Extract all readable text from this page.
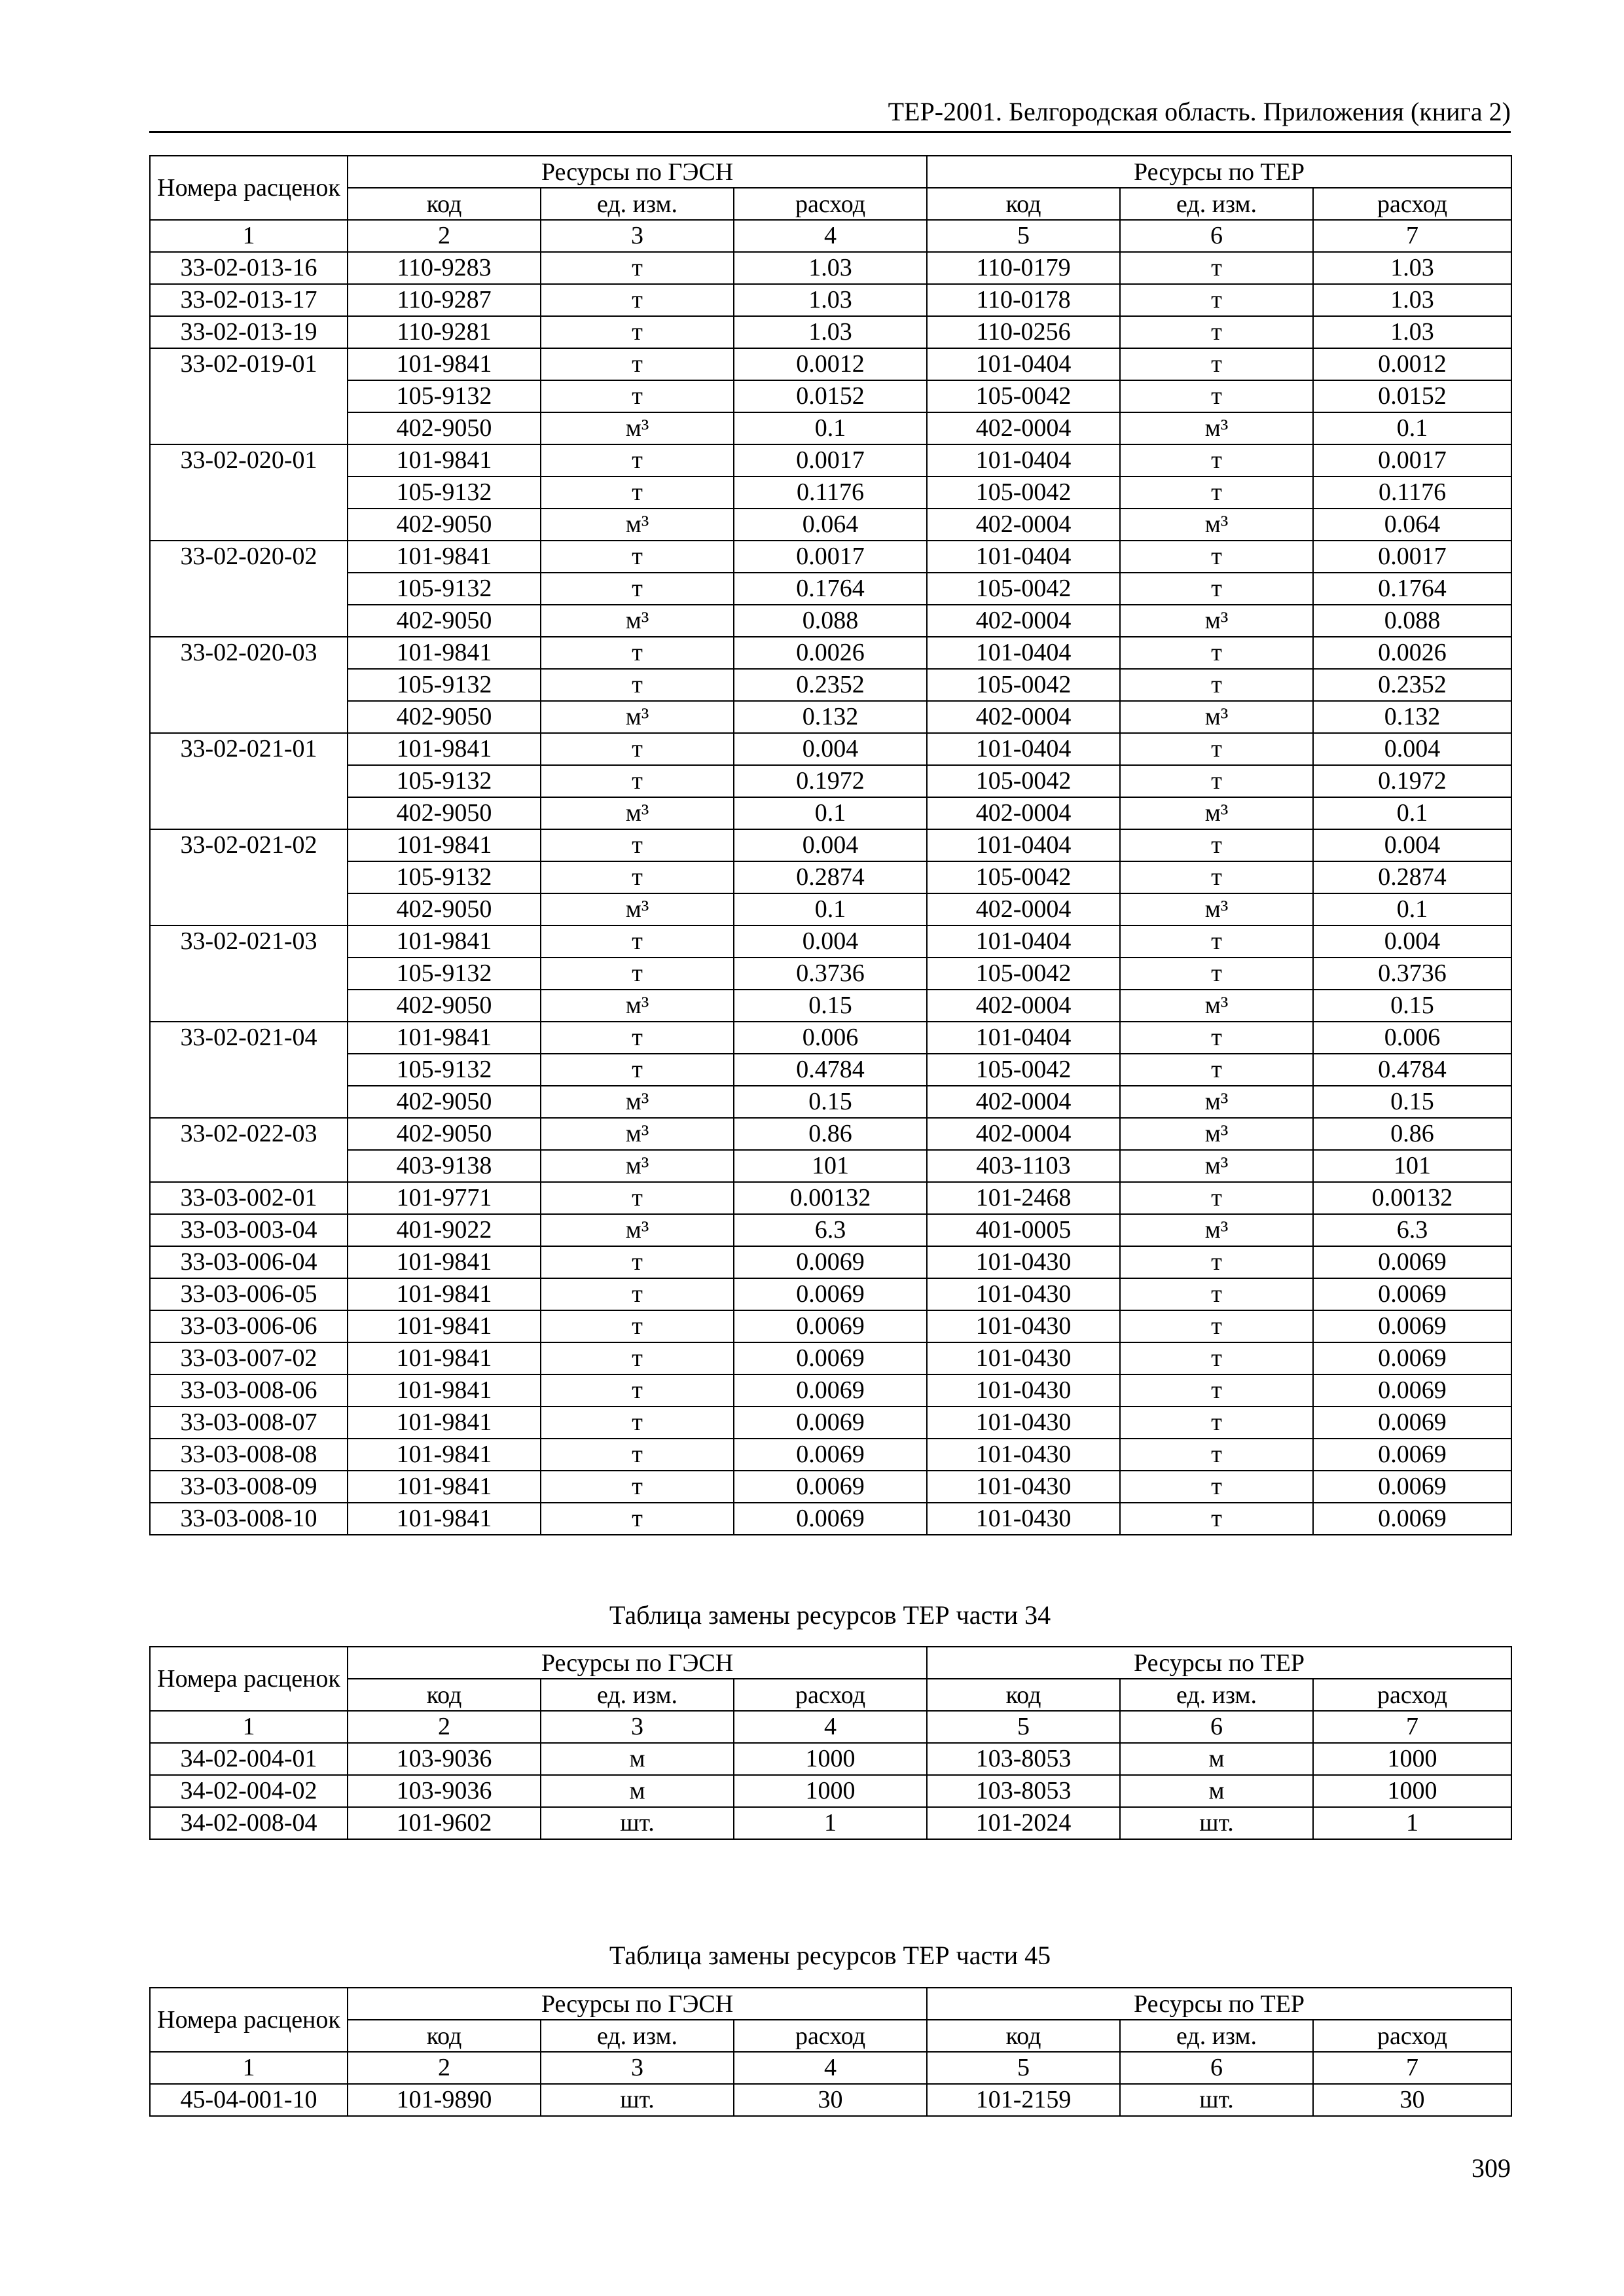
ТЕР-2001. Белгородская область. Приложения (книга 2)
Номера расценок	Ресурсы по ГЭСН			Ресурсы по ТЕР		
	код	ед. изм.	расход	код	ед. изм.	расход
1	2	3	4	5	6	7
33-02-013-16	110-9283	т	1.03	110-0179	т	1.03
33-02-013-17	110-9287	т	1.03	110-0178	т	1.03
33-02-013-19	110-9281	т	1.03	110-0256	т	1.03
33-02-019-01	101-9841	т	0.0012	101-0404	т	0.0012
	105-9132	т	0.0152	105-0042	т	0.0152
	402-9050	м³	0.1	402-0004	м³	0.1
33-02-020-01	101-9841	т	0.0017	101-0404	т	0.0017
	105-9132	т	0.1176	105-0042	т	0.1176
	402-9050	м³	0.064	402-0004	м³	0.064
33-02-020-02	101-9841	т	0.0017	101-0404	т	0.0017
	105-9132	т	0.1764	105-0042	т	0.1764
	402-9050	м³	0.088	402-0004	м³	0.088
33-02-020-03	101-9841	т	0.0026	101-0404	т	0.0026
	105-9132	т	0.2352	105-0042	т	0.2352
	402-9050	м³	0.132	402-0004	м³	0.132
33-02-021-01	101-9841	т	0.004	101-0404	т	0.004
	105-9132	т	0.1972	105-0042	т	0.1972
	402-9050	м³	0.1	402-0004	м³	0.1
33-02-021-02	101-9841	т	0.004	101-0404	т	0.004
	105-9132	т	0.2874	105-0042	т	0.2874
	402-9050	м³	0.1	402-0004	м³	0.1
33-02-021-03	101-9841	т	0.004	101-0404	т	0.004
	105-9132	т	0.3736	105-0042	т	0.3736
	402-9050	м³	0.15	402-0004	м³	0.15
33-02-021-04	101-9841	т	0.006	101-0404	т	0.006
	105-9132	т	0.4784	105-0042	т	0.4784
	402-9050	м³	0.15	402-0004	м³	0.15
33-02-022-03	402-9050	м³	0.86	402-0004	м³	0.86
	403-9138	м³	101	403-1103	м³	101
33-03-002-01	101-9771	т	0.00132	101-2468	т	0.00132
33-03-003-04	401-9022	м³	6.3	401-0005	м³	6.3
33-03-006-04	101-9841	т	0.0069	101-0430	т	0.0069
33-03-006-05	101-9841	т	0.0069	101-0430	т	0.0069
33-03-006-06	101-9841	т	0.0069	101-0430	т	0.0069
33-03-007-02	101-9841	т	0.0069	101-0430	т	0.0069
33-03-008-06	101-9841	т	0.0069	101-0430	т	0.0069
33-03-008-07	101-9841	т	0.0069	101-0430	т	0.0069
33-03-008-08	101-9841	т	0.0069	101-0430	т	0.0069
33-03-008-09	101-9841	т	0.0069	101-0430	т	0.0069
33-03-008-10	101-9841	т	0.0069	101-0430	т	0.0069
Таблица замены ресурсов ТЕР части 34
Номера расценок	Ресурсы по ГЭСН			Ресурсы по ТЕР		
	код	ед. изм.	расход	код	ед. изм.	расход
1	2	3	4	5	6	7
34-02-004-01	103-9036	м	1000	103-8053	м	1000
34-02-004-02	103-9036	м	1000	103-8053	м	1000
34-02-008-04	101-9602	шт.	1	101-2024	шт.	1
Таблица замены ресурсов ТЕР части 45
Номера расценок	Ресурсы по ГЭСН			Ресурсы по ТЕР		
	код	ед. изм.	расход	код	ед. изм.	расход
1	2	3	4	5	6	7
45-04-001-10	101-9890	шт.	30	101-2159	шт.	30
309
